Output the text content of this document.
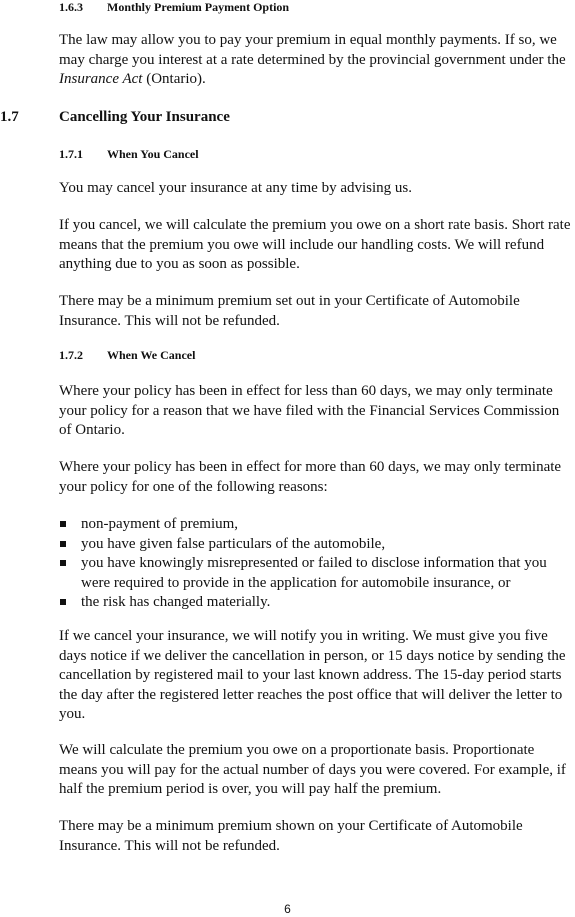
1.6.3 Monthly Premium Payment Option

The law may allow you to pay your premium in equal monthly payments. If so, we may charge you interest at a rate determined by the provincial government under the Insurance Act (Ontario).

1.7	Cancelling Your Insurance
1.7.1 When You Cancel

You may cancel your insurance at any time by advising us.

If you cancel, we will calculate the premium you owe on a short rate basis. Short rate means that the premium you owe will include our handling costs. We will refund anything due to you as soon as possible.

There may be a minimum premium set out in your Certificate of Automobile Insurance. This will not be refunded.

1.7.2 When We Cancel

Where your policy has been in effect for less than 60 days, we may only terminate your policy for a reason that we have filed with the Financial Services Commission of Ontario.

Where your policy has been in effect for more than 60 days, we may only terminate your policy for one of the following reasons:

non-payment of premium,
you have given false particulars of the automobile,
you have knowingly misrepresented or failed to disclose information that you were required to provide in the application for automobile insurance, or
the risk has changed materially.

If we cancel your insurance, we will notify you in writing. We must give you five days notice if we deliver the cancellation in person, or 15 days notice by sending the cancellation by registered mail to your last known address. The 15-day period starts the day after the registered letter reaches the post office that will deliver the letter to you.

We will calculate the premium you owe on a proportionate basis. Proportionate means you will pay for the actual number of days you were covered. For example, if half the premium period is over, you will pay half the premium.

There may be a minimum premium shown on your Certificate of Automobile Insurance. This will not be refunded.

6
